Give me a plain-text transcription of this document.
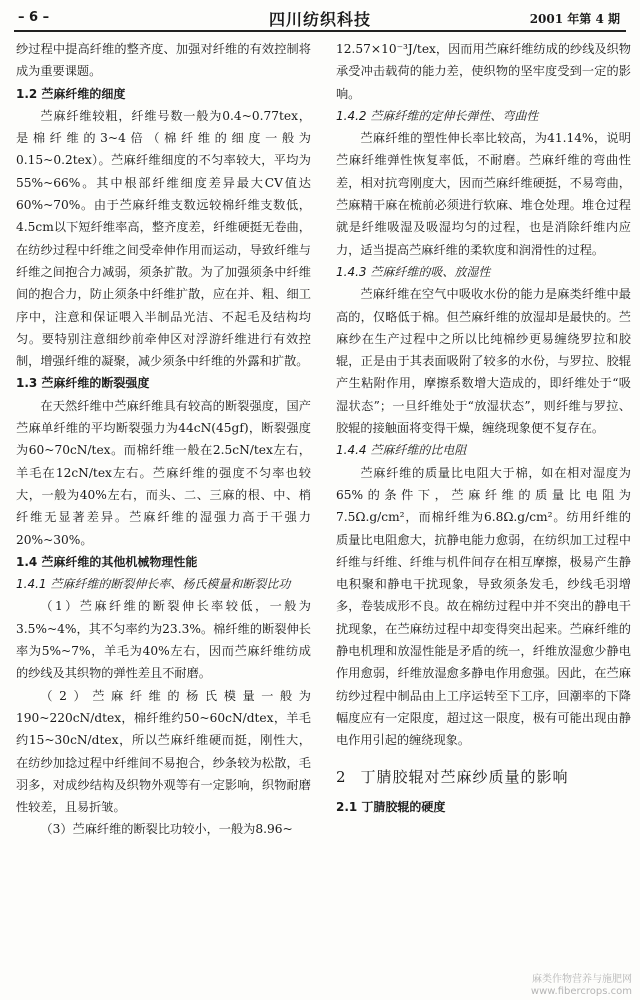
– 6 –	四川纺织科技	2001 年第 4 期

纱过程中提高纤维的整齐度、加强对纤维的有效控制将成为重要课题。

1.2 苎麻纤维的细度

苎麻纤维较粗，纤维号数一般为0.4~0.77tex，是棉纤维的3~4倍（棉纤维的细度一般为0.15~0.2tex）。苎麻纤维细度的不匀率较大，平均为55%~66%。其中根部纤维细度差异最大CV值达60%~70%。由于苎麻纤维支数远较棉纤维支数低，4.5cm以下短纤维率高，整齐度差，纤维硬挺无卷曲，在纺纱过程中纤维之间受牵伸作用而运动，导致纤维与纤维之间抱合力减弱，须条扩散。为了加强须条中纤维间的抱合力，防止须条中纤维扩散，应在并、粗、细工序中，注意和保证喂入半制品光洁、不起毛及结构均匀。要特别注意细纱前牵伸区对浮游纤维进行有效控制，增强纤维的凝聚，减少须条中纤维的外露和扩散。

1.3 苎麻纤维的断裂强度

在天然纤维中苎麻纤维具有较高的断裂强度，国产苎麻单纤维的平均断裂强力为44cN(45gf)，断裂强度为60~70cN/tex。而棉纤维一般在2.5cN/tex左右，羊毛在12cN/tex左右。苎麻纤维的强度不匀率也较大，一般为40%左右，而头、二、三麻的根、中、梢纤维无显著差异。苎麻纤维的湿强力高于干强力20%~30%。

1.4 苎麻纤维的其他机械物理性能
1.4.1 苎麻纤维的断裂伸长率、杨氏模量和断裂比功

（1）苎麻纤维的断裂伸长率较低，一般为3.5%~4%，其不匀率约为23.3%。棉纤维的断裂伸长率为5%~7%，羊毛为40%左右，因而苎麻纤维纺成的纱线及其织物的弹性差且不耐磨。

（2）苎麻纤维的杨氏模量一般为190~220cN/dtex，棉纤维约50~60cN/dtex，羊毛约15~30cN/dtex，所以苎麻纤维硬而挺，刚性大，在纺纱加捻过程中纤维间不易抱合，纱条较为松散，毛羽多，对成纱结构及织物外观等有一定影响，织物耐磨性较差，且易折皱。

（3）苎麻纤维的断裂比功较小，一般为8.96~

12.57×10⁻³J/tex，因而用苎麻纤维纺成的纱线及织物承受冲击载荷的能力差，使织物的坚牢度受到一定的影响。

1.4.2 苎麻纤维的定伸长弹性、弯曲性

苎麻纤维的塑性伸长率比较高，为41.14%，说明苎麻纤维弹性恢复率低，不耐磨。苎麻纤维的弯曲性差，相对抗弯刚度大，因而苎麻纤维硬挺，不易弯曲，苎麻精干麻在梳前必须进行软麻、堆仓处理。堆仓过程就是纤维吸湿及吸湿均匀的过程，也是消除纤维内应力，适当提高苎麻纤维的柔软度和润滑性的过程。

1.4.3 苎麻纤维的吸、放湿性

苎麻纤维在空气中吸收水份的能力是麻类纤维中最高的，仅略低于棉。但苎麻纤维的放湿却是最快的。苎麻纱在生产过程中之所以比纯棉纱更易缠绕罗拉和胶辊，正是由于其表面吸附了较多的水份，与罗拉、胶辊产生粘附作用，摩擦系数增大造成的，即纤维处于“吸湿状态”；一旦纤维处于“放湿状态”，则纤维与罗拉、胶辊的接触面将变得干燥，缠绕现象便不复存在。

1.4.4 苎麻纤维的比电阻

苎麻纤维的质量比电阻大于棉，如在相对湿度为65%的条件下，苎麻纤维的质量比电阻为7.5Ω.g/cm²，而棉纤维为6.8Ω.g/cm²。纺用纤维的质量比电阻愈大，抗静电能力愈弱，在纺织加工过程中纤维与纤维、纤维与机件间存在相互摩擦，极易产生静电积聚和静电干扰现象，导致须条发毛，纱线毛羽增多，卷装成形不良。故在棉纺过程中并不突出的静电干扰现象，在苎麻纺过程中却变得突出起来。苎麻纤维的静电机理和放湿性能是矛盾的统一，纤维放湿愈少静电作用愈弱，纤维放湿愈多静电作用愈强。因此，在苎麻纺纱过程中制品由上工序运转至下工序，回潮率的下降幅度应有一定限度，超过这一限度，极有可能出现由静电作用引起的缠绕现象。

2 丁腈胶辊对苎麻纱质量的影响
2.1 丁腈胶辊的硬度
麻类作物营养与施肥网
www.fibercrops.com
